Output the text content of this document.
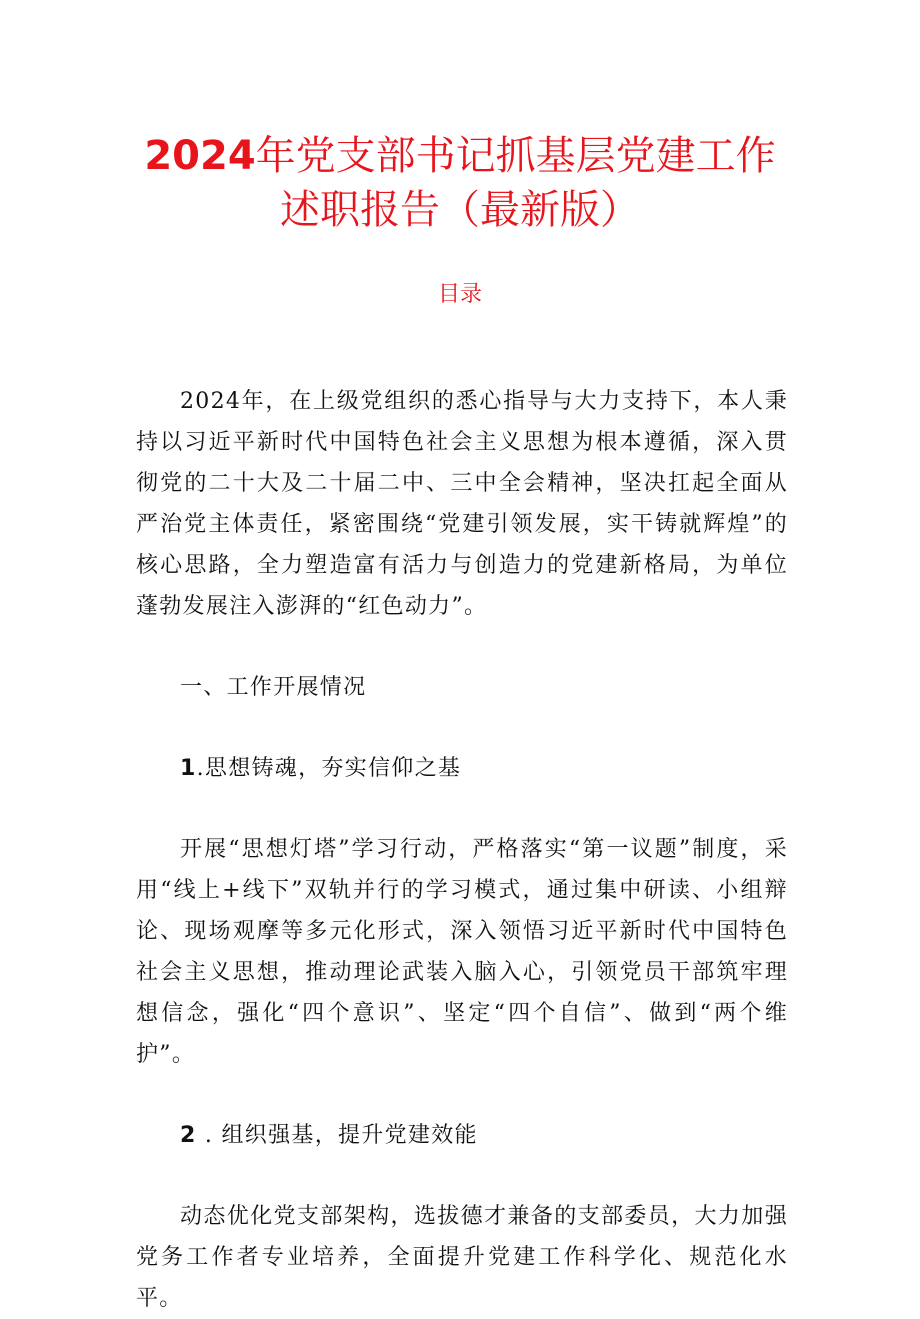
2024年党支部书记抓基层党建工作
述职报告（最新版）
目录

2024年，在上级党组织的悉心指导与大力支持下，本人秉持以习近平新时代中国特色社会主义思想为根本遵循，深入贯彻党的二十大及二十届二中、三中全会精神，坚决扛起全面从严治党主体责任，紧密围绕“党建引领发展，实干铸就辉煌”的核心思路，全力塑造富有活力与创造力的党建新格局，为单位蓬勃发展注入澎湃的“红色动力”。

一、工作开展情况

1.思想铸魂，夯实信仰之基

开展“思想灯塔”学习行动，严格落实“第一议题”制度，采用“线上+线下”双轨并行的学习模式，通过集中研读、小组辩论、现场观摩等多元化形式，深入领悟习近平新时代中国特色社会主义思想，推动理论武装入脑入心，引领党员干部筑牢理想信念，强化“四个意识”、坚定“四个自信”、做到“两个维护”。

2 . 组织强基，提升党建效能

动态优化党支部架构，选拔德才兼备的支部委员，大力加强党务工作者专业培养，全面提升党建工作科学化、规范化水平。
